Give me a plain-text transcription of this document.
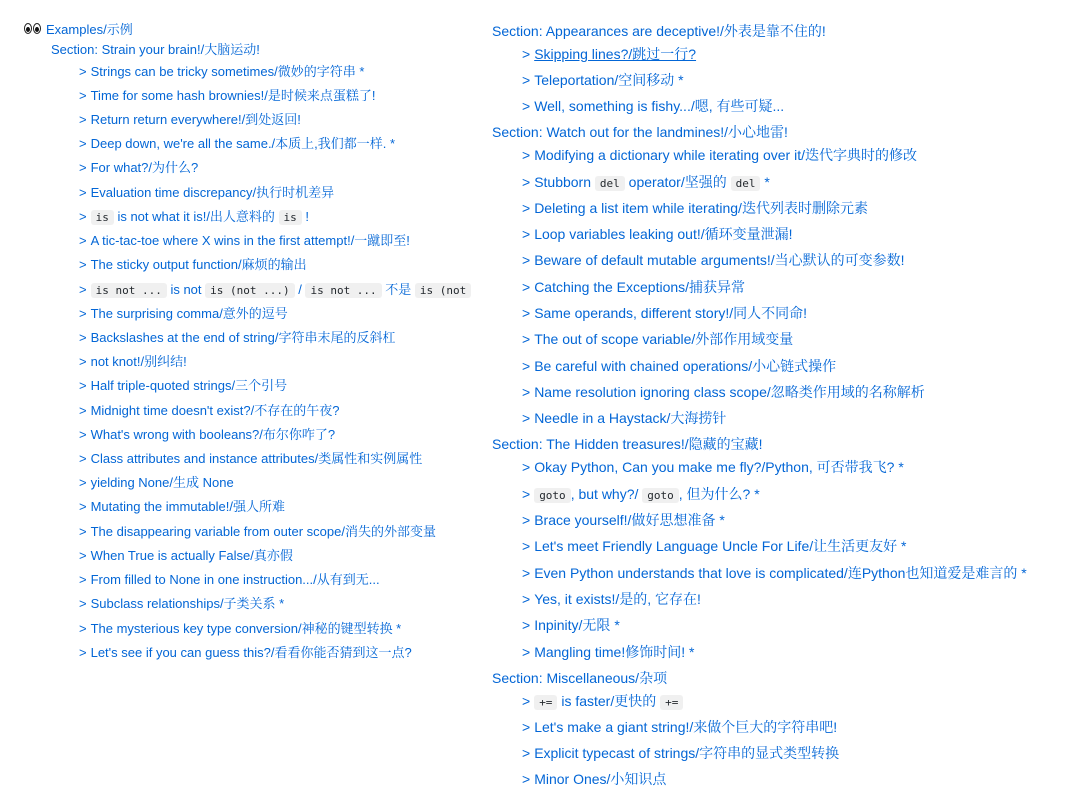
Examples/示例
Section: Strain your brain!/大脑运动!
> Strings can be tricky sometimes/微妙的字符串 *
> Time for some hash brownies!/是时候来点蛋糕了!
> Return return everywhere!/到处返回!
> Deep down, we're all the same./本质上,我们都一样. *
> For what?/为什么?
> Evaluation time discrepancy/执行时机差异
> is is not what it is!/出人意料的 is !
> A tic-tac-toe where X wins in the first attempt!/一蹴即至!
> The sticky output function/麻烦的输出
> is not ... is not is (not ...) / is not ... 不是 is (not
> The surprising comma/意外的逗号
> Backslashes at the end of string/字符串末尾的反斜杠
> not knot!/别纠结!
> Half triple-quoted strings/三个引号
> Midnight time doesn't exist?/不存在的午夜?
> What's wrong with booleans?/布尔你咋了?
> Class attributes and instance attributes/类属性和实例属性
> yielding None/生成 None
> Mutating the immutable!/强人所难
> The disappearing variable from outer scope/消失的外部变量
> When True is actually False/真亦假
> From filled to None in one instruction.../从有到无...
> Subclass relationships/子类关系 *
> The mysterious key type conversion/神秘的键型转换 *
> Let's see if you can guess this?/看看你能否猜到这一点?
Section: Appearances are deceptive!/外表是靠不住的!
> Skipping lines?/跳过一行?
> Teleportation/空间移动 *
> Well, something is fishy.../嗯, 有些可疑...
Section: Watch out for the landmines!/小心地雷!
> Modifying a dictionary while iterating over it/迭代字典时的修改
> Stubborn del operator/坚强的 del *
> Deleting a list item while iterating/迭代列表时删除元素
> Loop variables leaking out!/循环变量泄漏!
> Beware of default mutable arguments!/当心默认的可变参数!
> Catching the Exceptions/捕获异常
> Same operands, different story!/同人不同命!
> The out of scope variable/外部作用域变量
> Be careful with chained operations/小心链式操作
> Name resolution ignoring class scope/忽略类作用域的名称解析
> Needle in a Haystack/大海捞针
Section: The Hidden treasures!/隐藏的宝藏!
> Okay Python, Can you make me fly?/Python, 可否带我飞? *
> goto , but why?/ goto , 但为什么? *
> Brace yourself!/做好思想准备 *
> Let's meet Friendly Language Uncle For Life/让生活更友好 *
> Even Python understands that love is complicated/连Python也知道爱是难言的 *
> Yes, it exists!/是的, 它存在!
> Inpinity/无限 *
> Mangling time!修饰时间! *
Section: Miscellaneous/杂项
> += is faster/更快的 +=
> Let's make a giant string!/来做个巨大的字符串吧!
> Explicit typecast of strings/字符串的显式类型转换
> Minor Ones/小知识点
